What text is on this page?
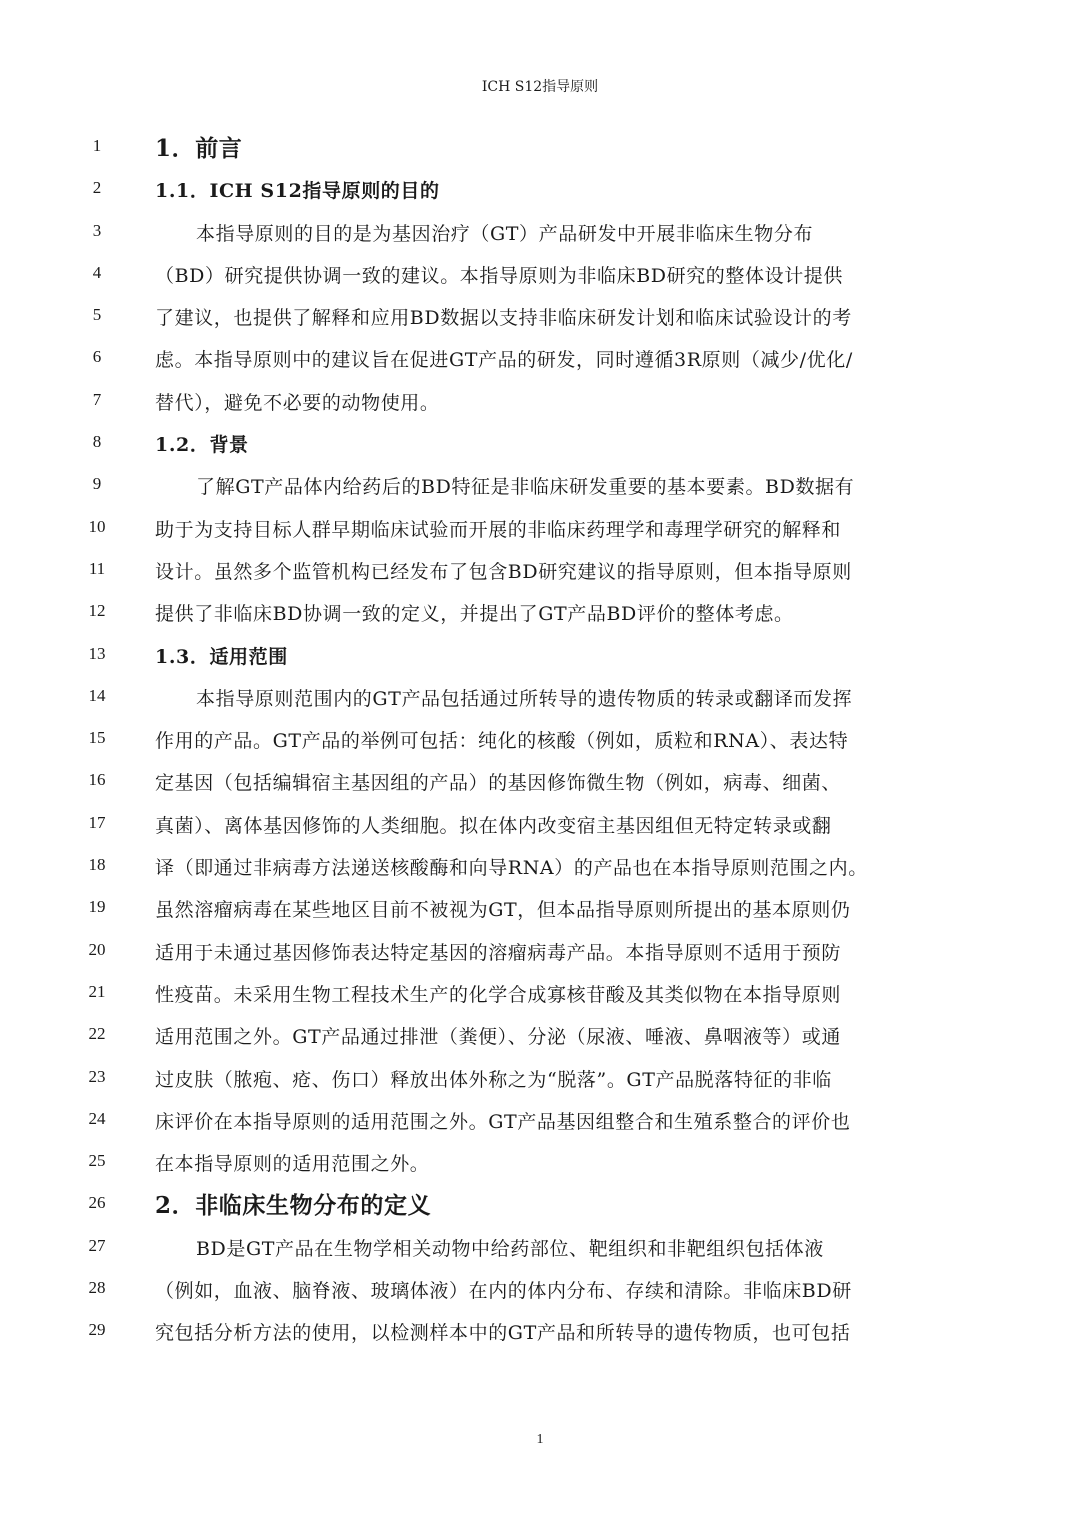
ICH S12指导原则
1	1．前言
2	1.1．ICH S12指导原则的目的
3	本指导原则的目的是为基因治疗（GT）产品研发中开展非临床生物分布
4	（BD）研究提供协调一致的建议。本指导原则为非临床BD研究的整体设计提供
5	了建议，也提供了解释和应用BD数据以支持非临床研发计划和临床试验设计的考
6	虑。本指导原则中的建议旨在促进GT产品的研发，同时遵循3R原则（减少/优化/
7	替代），避免不必要的动物使用。
8	1.2．背景
9	了解GT产品体内给药后的BD特征是非临床研发重要的基本要素。BD数据有
10	助于为支持目标人群早期临床试验而开展的非临床药理学和毒理学研究的解释和
11	设计。虽然多个监管机构已经发布了包含BD研究建议的指导原则，但本指导原则
12	提供了非临床BD协调一致的定义，并提出了GT产品BD评价的整体考虑。
13	1.3．适用范围
14	本指导原则范围内的GT产品包括通过所转导的遗传物质的转录或翻译而发挥
15	作用的产品。GT产品的举例可包括：纯化的核酸（例如，质粒和RNA）、表达特
16	定基因（包括编辑宿主基因组的产品）的基因修饰微生物（例如，病毒、细菌、
17	真菌）、离体基因修饰的人类细胞。拟在体内改变宿主基因组但无特定转录或翻
18	译（即通过非病毒方法递送核酸酶和向导RNA）的产品也在本指导原则范围之内。
19	虽然溶瘤病毒在某些地区目前不被视为GT，但本品指导原则所提出的基本原则仍
20	适用于未通过基因修饰表达特定基因的溶瘤病毒产品。本指导原则不适用于预防
21	性疫苗。未采用生物工程技术生产的化学合成寡核苷酸及其类似物在本指导原则
22	适用范围之外。GT产品通过排泄（粪便）、分泌（尿液、唾液、鼻咽液等）或通
23	过皮肤（脓疱、疮、伤口）释放出体外称之为“脱落”。GT产品脱落特征的非临
24	床评价在本指导原则的适用范围之外。GT产品基因组整合和生殖系整合的评价也
25	在本指导原则的适用范围之外。
26	2．非临床生物分布的定义
27	BD是GT产品在生物学相关动物中给药部位、靶组织和非靶组织包括体液
28	（例如，血液、脑脊液、玻璃体液）在内的体内分布、存续和清除。非临床BD研
29	究包括分析方法的使用，以检测样本中的GT产品和所转导的遗传物质，也可包括
1
